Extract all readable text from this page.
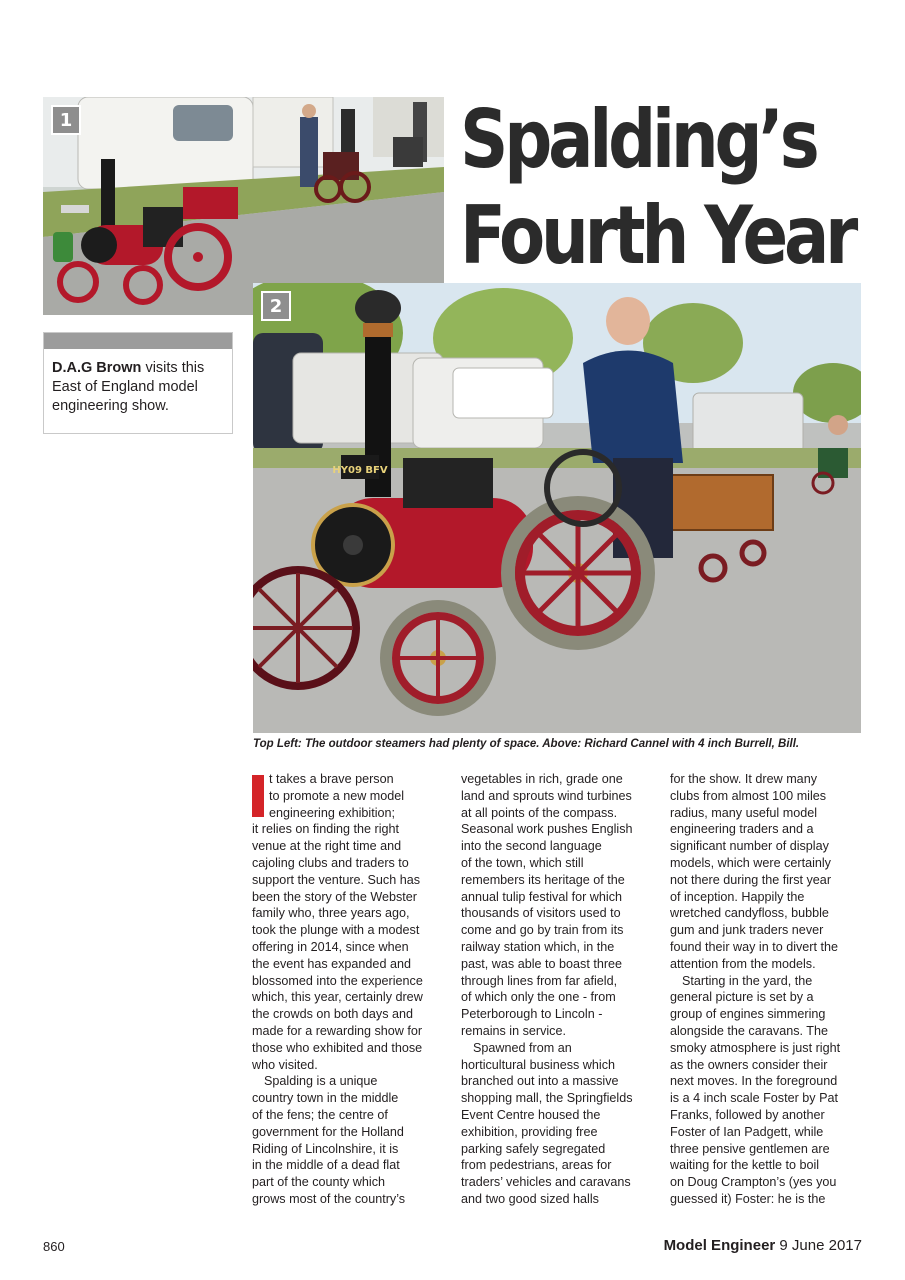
1	Spalding’s
Fourth Year
HY09 BFV
2

D.A.G Brown visits this East of England model engineering show.

Top Left: The outdoor steamers had plenty of space. Above: Richard Cannel with 4 inch Burrell, Bill.

t takes a brave person

to promote a new model

engineering exhibition;

it relies on finding the right

venue at the right time and

cajoling clubs and traders to

support the venture. Such has

been the story of the Webster

family who, three years ago,

took the plunge with a modest

offering in 2014, since when

the event has expanded and

blossomed into the experience

which, this year, certainly drew

the crowds on both days and

made for a rewarding show for

those who exhibited and those

who visited.

Spalding is a unique

country town in the middle

of the fens; the centre of

government for the Holland

Riding of Lincolnshire, it is

in the middle of a dead flat

part of the county which

grows most of the country’s

vegetables in rich, grade one

land and sprouts wind turbines

at all points of the compass.

Seasonal work pushes English

into the second language

of the town, which still

remembers its heritage of the

annual tulip festival for which

thousands of visitors used to

come and go by train from its

railway station which, in the

past, was able to boast three

through lines from far afield,

of which only the one - from

Peterborough to Lincoln -

remains in service.

Spawned from an

horticultural business which

branched out into a massive

shopping mall, the Springfields

Event Centre housed the

exhibition, providing free

parking safely segregated

from pedestrians, areas for

traders’ vehicles and caravans

and two good sized halls

for the show. It drew many

clubs from almost 100 miles

radius, many useful model

engineering traders and a

significant number of display

models, which were certainly

not there during the first year

of inception. Happily the

wretched candyfloss, bubble

gum and junk traders never

found their way in to divert the

attention from the models.

Starting in the yard, the

general picture is set by a

group of engines simmering

alongside the caravans. The

smoky atmosphere is just right

as the owners consider their

next moves. In the foreground

is a 4 inch scale Foster by Pat

Franks, followed by another

Foster of Ian Padgett, while

three pensive gentlemen are

waiting for the kettle to boil

on Doug Crampton’s (yes you

guessed it) Foster: he is the

860	Model Engineer 9 June 2017
